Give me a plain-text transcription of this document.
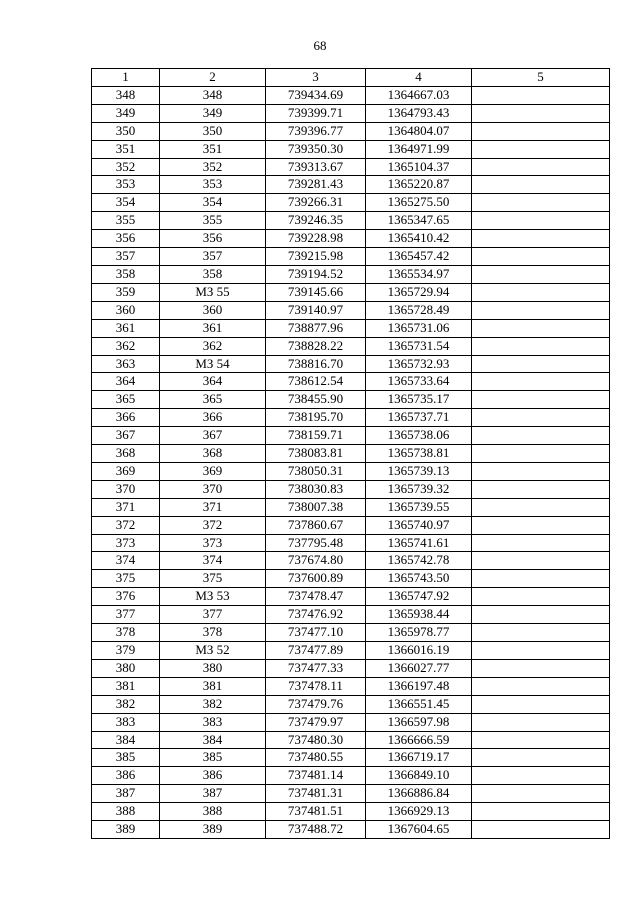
68
1	2	3	4	5
348	348	739434.69	1364667.03	
349	349	739399.71	1364793.43	
350	350	739396.77	1364804.07	
351	351	739350.30	1364971.99	
352	352	739313.67	1365104.37	
353	353	739281.43	1365220.87	
354	354	739266.31	1365275.50	
355	355	739246.35	1365347.65	
356	356	739228.98	1365410.42	
357	357	739215.98	1365457.42	
358	358	739194.52	1365534.97	
359	МЗ 55	739145.66	1365729.94	
360	360	739140.97	1365728.49	
361	361	738877.96	1365731.06	
362	362	738828.22	1365731.54	
363	МЗ 54	738816.70	1365732.93	
364	364	738612.54	1365733.64	
365	365	738455.90	1365735.17	
366	366	738195.70	1365737.71	
367	367	738159.71	1365738.06	
368	368	738083.81	1365738.81	
369	369	738050.31	1365739.13	
370	370	738030.83	1365739.32	
371	371	738007.38	1365739.55	
372	372	737860.67	1365740.97	
373	373	737795.48	1365741.61	
374	374	737674.80	1365742.78	
375	375	737600.89	1365743.50	
376	МЗ 53	737478.47	1365747.92	
377	377	737476.92	1365938.44	
378	378	737477.10	1365978.77	
379	МЗ 52	737477.89	1366016.19	
380	380	737477.33	1366027.77	
381	381	737478.11	1366197.48	
382	382	737479.76	1366551.45	
383	383	737479.97	1366597.98	
384	384	737480.30	1366666.59	
385	385	737480.55	1366719.17	
386	386	737481.14	1366849.10	
387	387	737481.31	1366886.84	
388	388	737481.51	1366929.13	
389	389	737488.72	1367604.65	
